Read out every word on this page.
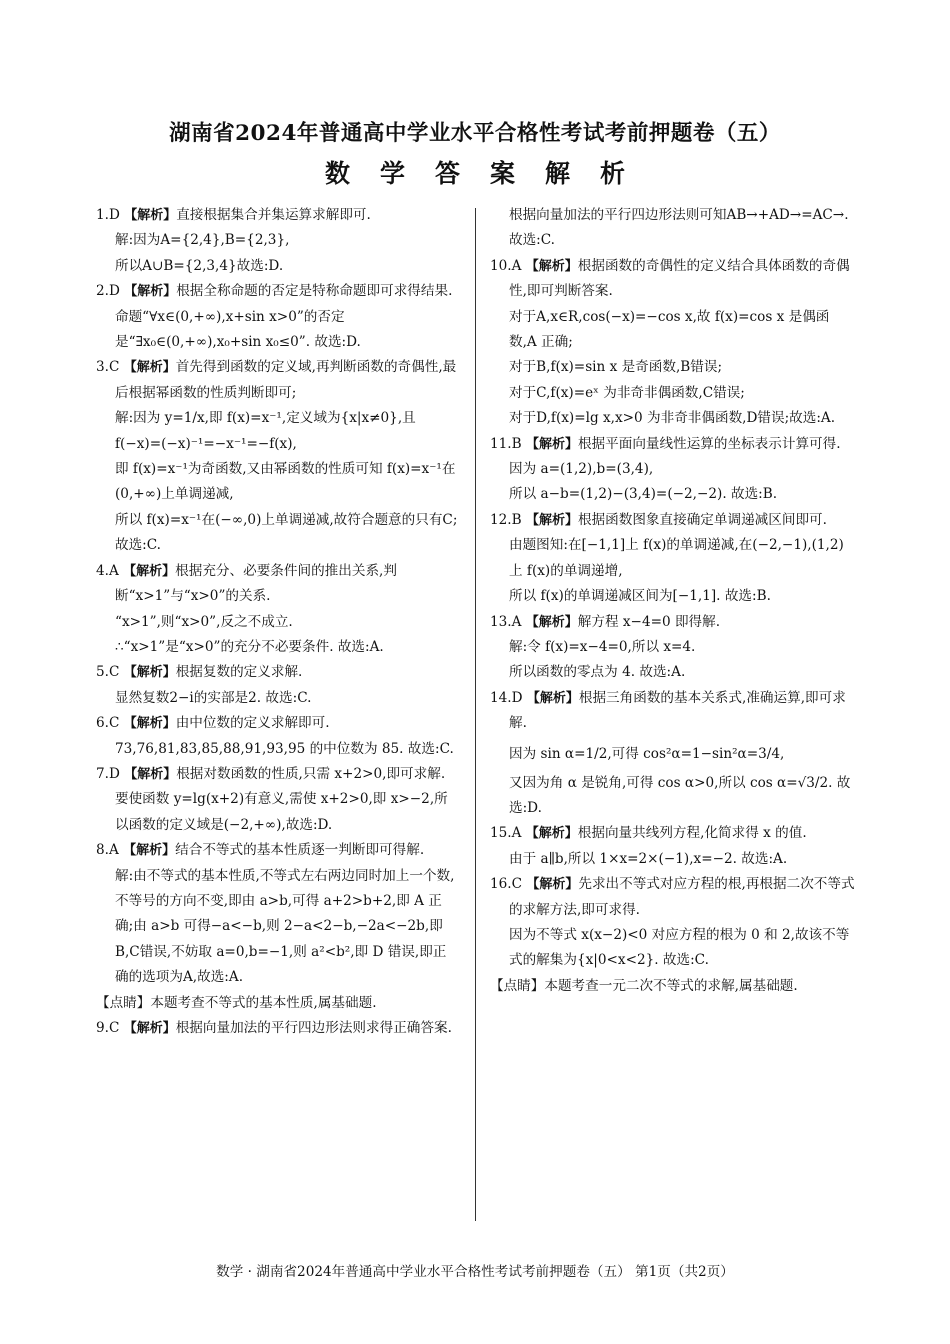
湖南省2024年普通高中学业水平合格性考试考前押题卷（五）
数学答案解析

1.D 【解析】直接根据集合并集运算求解即可.

解:因为A={2,4},B={2,3},

所以A∪B={2,3,4}故选:D.

2.D 【解析】根据全称命题的否定是特称命题即可求得结果.

命题“∀x∈(0,+∞),x+sin x>0”的否定是“∃x₀∈(0,+∞),x₀+sin x₀≤0”. 故选:D.

3.C 【解析】首先得到函数的定义域,再判断函数的奇偶性,最后根据幂函数的性质判断即可;

解:因为 y=1/x,即 f(x)=x⁻¹,定义域为{x|x≠0},且 f(−x)=(−x)⁻¹=−x⁻¹=−f(x),

即 f(x)=x⁻¹为奇函数,又由幂函数的性质可知 f(x)=x⁻¹在(0,+∞)上单调递减,

所以 f(x)=x⁻¹在(−∞,0)上单调递减,故符合题意的只有C;故选:C.

4.A 【解析】根据充分、必要条件间的推出关系,判断“x>1”与“x>0”的关系.

“x>1”,则“x>0”,反之不成立.

∴“x>1”是“x>0”的充分不必要条件. 故选:A.

5.C 【解析】根据复数的定义求解.

显然复数2−i的实部是2. 故选:C.

6.C 【解析】由中位数的定义求解即可.

73,76,81,83,85,88,91,93,95 的中位数为 85. 故选:C.

7.D 【解析】根据对数函数的性质,只需 x+2>0,即可求解.

要使函数 y=lg(x+2)有意义,需使 x+2>0,即 x>−2,所以函数的定义域是(−2,+∞),故选:D.

8.A 【解析】结合不等式的基本性质逐一判断即可得解.

解:由不等式的基本性质,不等式左右两边同时加上一个数,不等号的方向不变,即由 a>b,可得 a+2>b+2,即 A 正确;由 a>b 可得−a<−b,则 2−a<2−b,−2a<−2b,即B,C错误,不妨取 a=0,b=−1,则 a²<b²,即 D 错误,即正确的选项为A,故选:A.

【点睛】本题考查不等式的基本性质,属基础题.

9.C 【解析】根据向量加法的平行四边形法则求得正确答案.

根据向量加法的平行四边形法则可知AB→+AD→=AC→. 故选:C.

10.A 【解析】根据函数的奇偶性的定义结合具体函数的奇偶性,即可判断答案.

对于A,x∈R,cos(−x)=−cos x,故 f(x)=cos x 是偶函数,A 正确;

对于B,f(x)=sin x 是奇函数,B错误;

对于C,f(x)=eˣ 为非奇非偶函数,C错误;

对于D,f(x)=lg x,x>0 为非奇非偶函数,D错误;故选:A.

11.B 【解析】根据平面向量线性运算的坐标表示计算可得.

因为 a=(1,2),b=(3,4),

所以 a−b=(1,2)−(3,4)=(−2,−2). 故选:B.

12.B 【解析】根据函数图象直接确定单调递减区间即可.

由题图知:在[−1,1]上 f(x)的单调递减,在(−2,−1),(1,2)上 f(x)的单调递增,

所以 f(x)的单调递减区间为[−1,1]. 故选:B.

13.A 【解析】解方程 x−4=0 即得解.

解:令 f(x)=x−4=0,所以 x=4.

所以函数的零点为 4. 故选:A.

14.D 【解析】根据三角函数的基本关系式,准确运算,即可求解.

因为 sin α=1/2,可得 cos²α=1−sin²α=3/4,

又因为角 α 是锐角,可得 cos α>0,所以 cos α=√3/2. 故选:D.

15.A 【解析】根据向量共线列方程,化简求得 x 的值.

由于 a∥b,所以 1×x=2×(−1),x=−2. 故选:A.

16.C 【解析】先求出不等式对应方程的根,再根据二次不等式的求解方法,即可求得.

因为不等式 x(x−2)<0 对应方程的根为 0 和 2,故该不等式的解集为{x|0<x<2}. 故选:C.

【点睛】本题考查一元二次不等式的求解,属基础题.

数学 · 湖南省2024年普通高中学业水平合格性考试考前押题卷（五） 第1页（共2页）
